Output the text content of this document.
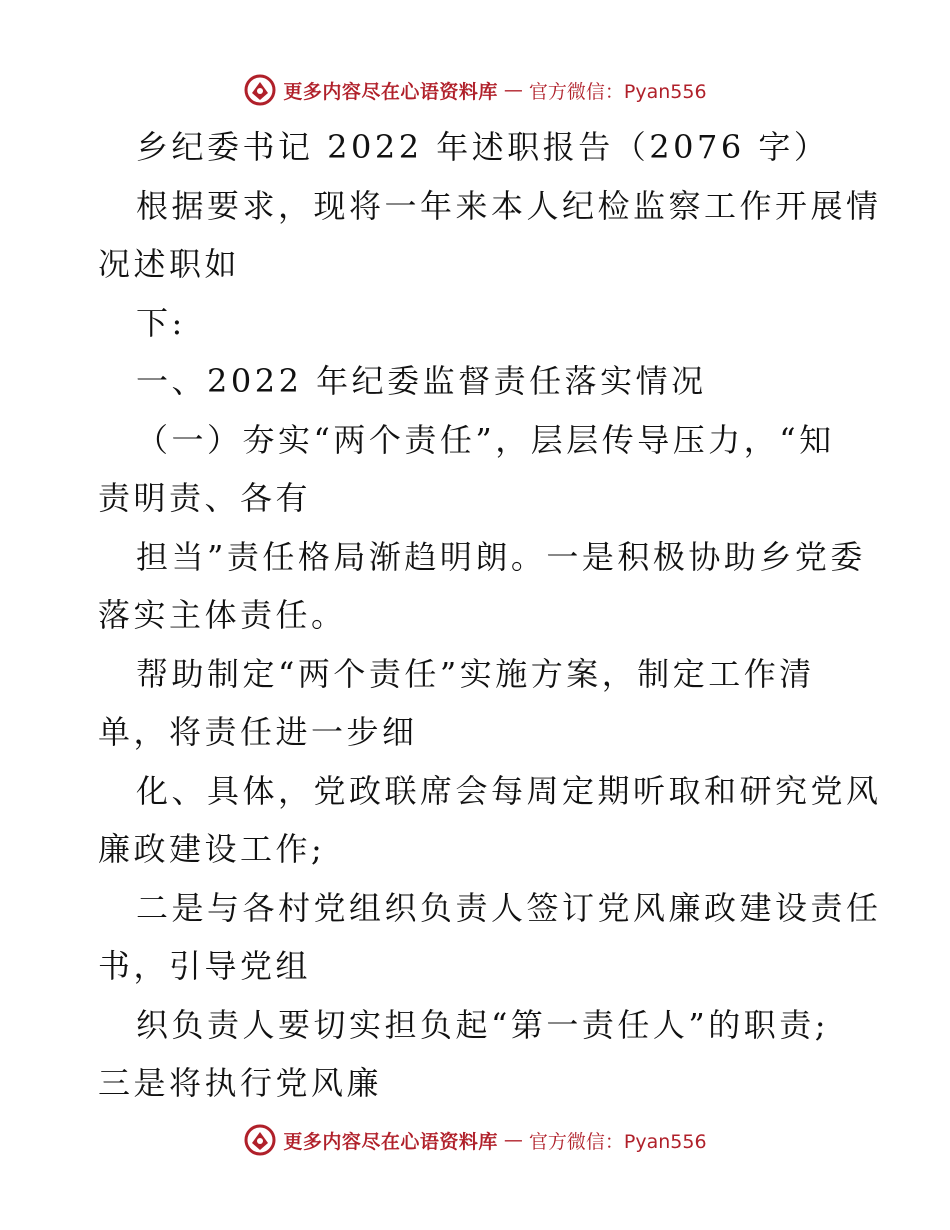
更多内容尽在心语资料库 — 官方微信：Pyan556
乡纪委书记 2022 年述职报告（2076 字）
根据要求，现将一年来本人纪检监察工作开展情
况述职如
下:
一、2022 年纪委监督责任落实情况
（一）夯实“两个责任”，层层传导压力，“知
责明责、各有
担当”责任格局渐趋明朗。一是积极协助乡党委
落实主体责任。
帮助制定“两个责任”实施方案，制定工作清
单，将责任进一步细
化、具体，党政联席会每周定期听取和研究党风
廉政建设工作;
二是与各村党组织负责人签订党风廉政建设责任
书，引导党组
织负责人要切实担负起“第一责任人”的职责;
三是将执行党风廉
更多内容尽在心语资料库 — 官方微信：Pyan556
